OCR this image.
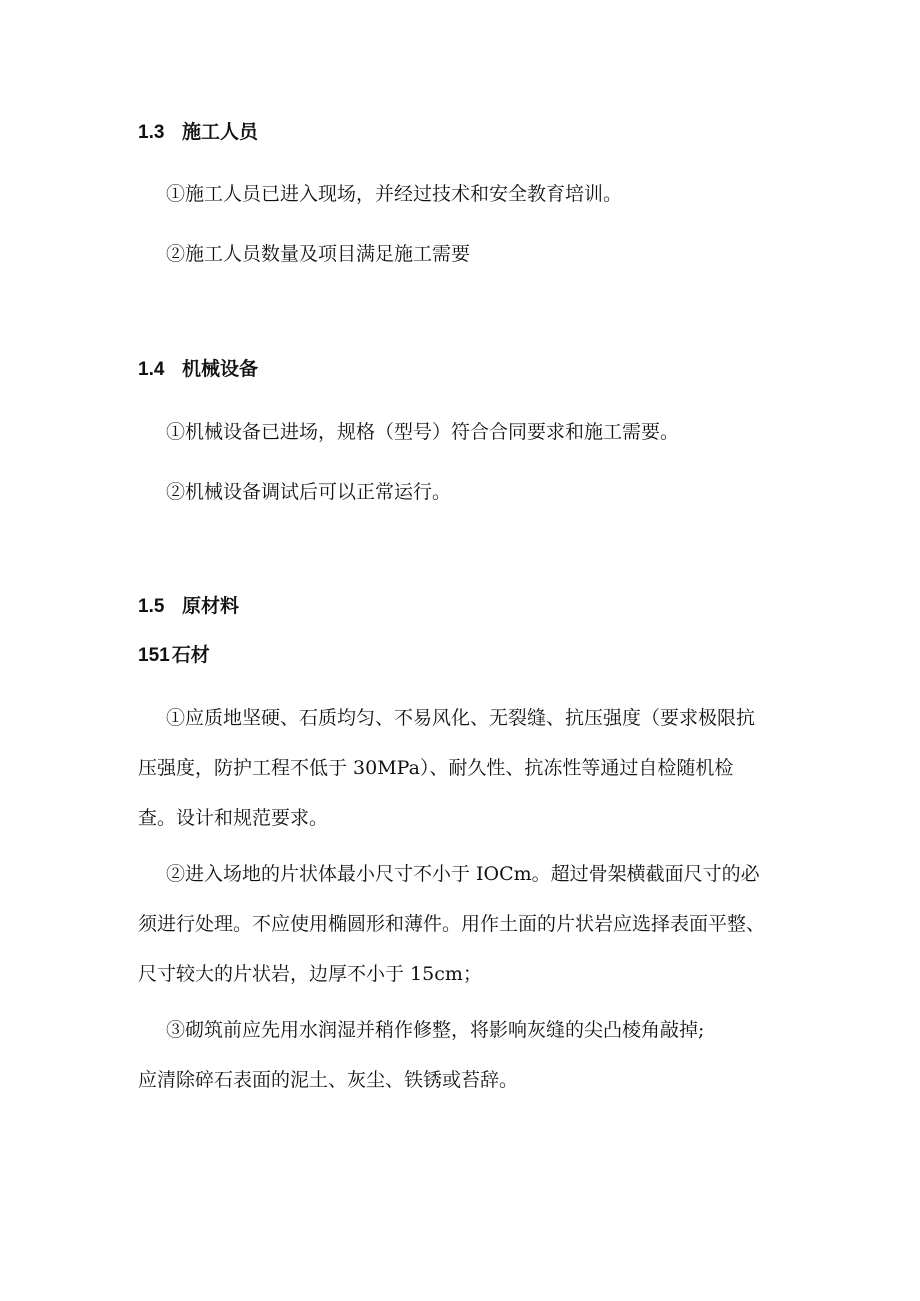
1.3 施工人员
①施工人员已进入现场，并经过技术和安全教育培训。
②施工人员数量及项目满足施工需要
1.4 机械设备
①机械设备已进场，规格（型号）符合合同要求和施工需要。
②机械设备调试后可以正常运行。
1.5 原材料
151 石材
①应质地坚硬、石质均匀、不易风化、无裂缝、抗压强度（要求极限抗
压强度，防护工程不低于 30MPa）、耐久性、抗冻性等通过自检随机检
查。设计和规范要求。
②进入场地的片状体最小尺寸不小于 IOCm。超过骨架横截面尺寸的必
须进行处理。不应使用椭圆形和薄件。用作土面的片状岩应选择表面平整、
尺寸较大的片状岩，边厚不小于 15cm；
③砌筑前应先用水润湿并稍作修整，将影响灰缝的尖凸棱角敲掉;
应清除碎石表面的泥土、灰尘、铁锈或苔辞。
